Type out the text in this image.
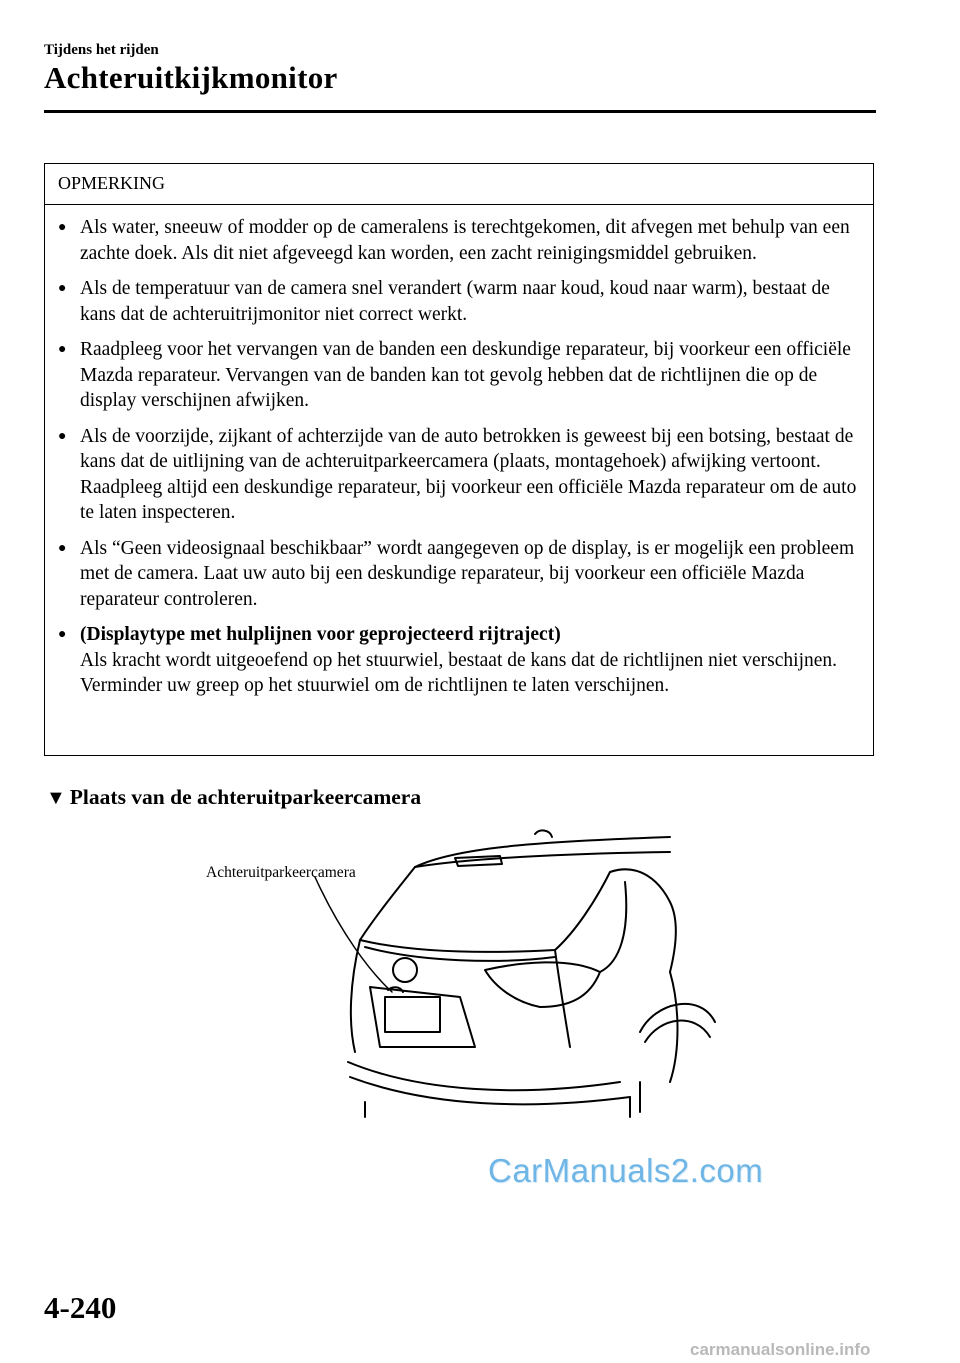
Tijdens het rijden
Achteruitkijkmonitor
OPMERKING
● Als water, sneeuw of modder op de cameralens is terechtgekomen, dit afvegen met behulp van een zachte doek. Als dit niet afgeveegd kan worden, een zacht reinigingsmiddel gebruiken.
● Als de temperatuur van de camera snel verandert (warm naar koud, koud naar warm), bestaat de kans dat de achteruitrijmonitor niet correct werkt.
● Raadpleeg voor het vervangen van de banden een deskundige reparateur, bij voorkeur een officiële Mazda reparateur. Vervangen van de banden kan tot gevolg hebben dat de richtlijnen die op de display verschijnen afwijken.
● Als de voorzijde, zijkant of achterzijde van de auto betrokken is geweest bij een botsing, bestaat de kans dat de uitlijning van de achteruitparkeercamera (plaats, montagehoek) afwijking vertoont. Raadpleeg altijd een deskundige reparateur, bij voorkeur een officiële Mazda reparateur om de auto te laten inspecteren.
● Als “Geen videosignaal beschikbaar” wordt aangegeven op de display, is er mogelijk een probleem met de camera. Laat uw auto bij een deskundige reparateur, bij voorkeur een officiële Mazda reparateur controleren.
● (Displaytype met hulplijnen voor geprojecteerd rijtraject)
Als kracht wordt uitgeoefend op het stuurwiel, bestaat de kans dat de richtlijnen niet verschijnen. Verminder uw greep op het stuurwiel om de richtlijnen te laten verschijnen.
▼ Plaats van de achteruitparkeercamera
Achteruitparkeercamera
CarManuals2.com
4-240
carmanualsonline.info
